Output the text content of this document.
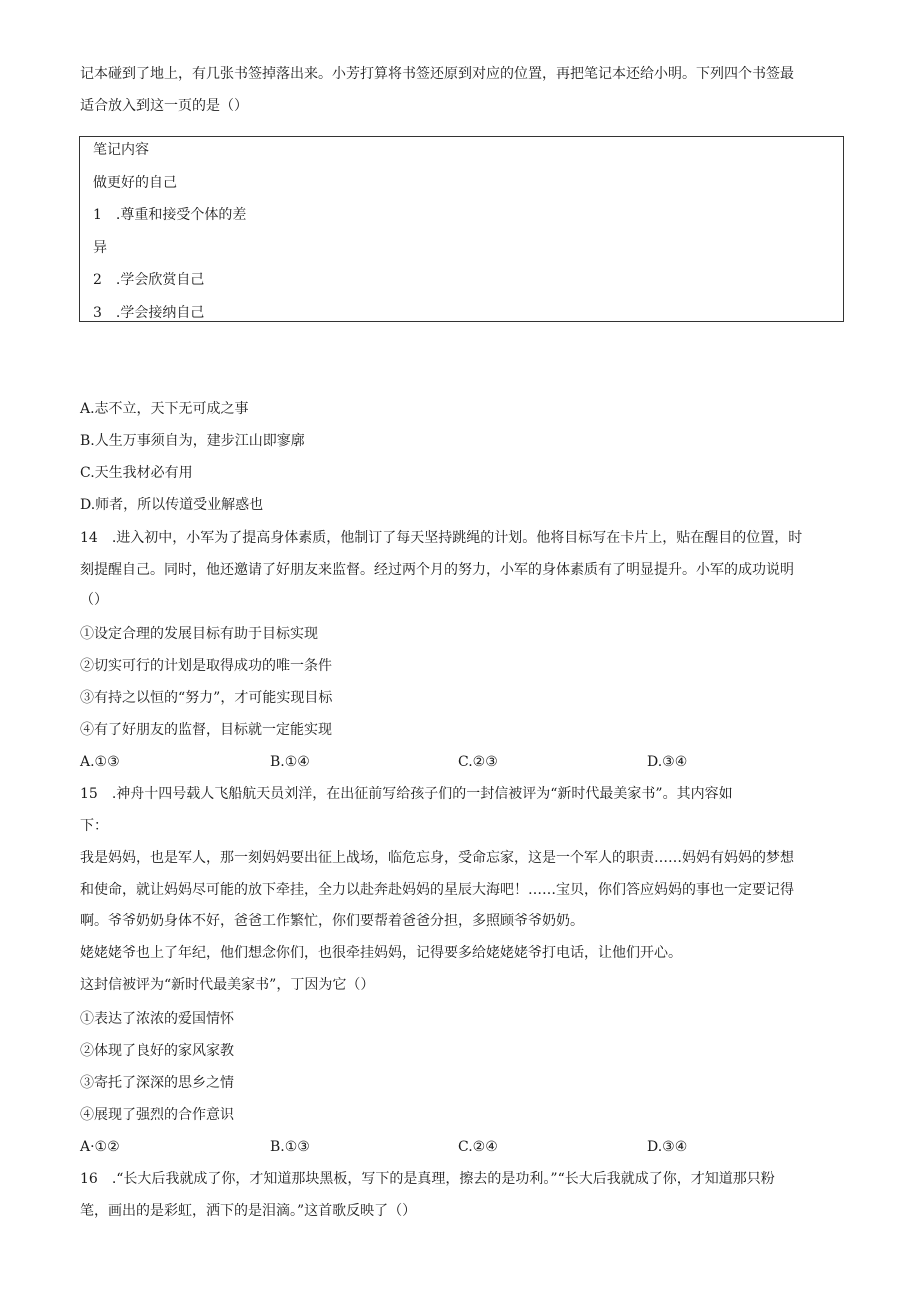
记本碰到了地上，有几张书签掉落出来。小芳打算将书签还原到对应的位置，再把笔记本还给小明。下列四个书签最
适合放入到这一页的是（）
笔记内容
做更好的自己
1　.尊重和接受个体的差
异
2　.学会欣赏自己
3　.学会接纳自己
A.志不立，天下无可成之事
B.人生万事须自为，建步江山即寥廓
C.天生我材必有用
D.师者，所以传道受业解惑也
14　.进入初中，小军为了提高身体素质，他制订了每天坚持跳绳的计划。他将目标写在卡片上，贴在醒目的位置，时
刻提醒自己。同时，他还邀请了好朋友来监督。经过两个月的努力，小军的身体素质有了明显提升。小军的成功说明
（）
①设定合理的发展目标有助于目标实现
②切实可行的计划是取得成功的唯一条件
③有持之以恒的“努力”，才可能实现目标
④有了好朋友的监督，目标就一定能实现
A.①③	B.①④	C.②③	D.③④
15　.神舟十四号载人飞船航天员刘洋，在出征前写给孩子们的一封信被评为“新时代最美家书”。其内容如
下：
我是妈妈，也是军人，那一刻妈妈要出征上战场，临危忘身，受命忘家，这是一个军人的职责……妈妈有妈妈的梦想
和使命，就让妈妈尽可能的放下牵挂，全力以赴奔赴妈妈的星辰大海吧！……宝贝，你们答应妈妈的事也一定要记得
啊。爷爷奶奶身体不好，爸爸工作繁忙，你们要帮着爸爸分担，多照顾爷爷奶奶。
姥姥姥爷也上了年纪，他们想念你们，也很牵挂妈妈，记得要多给姥姥姥爷打电话，让他们开心。
这封信被评为“新时代最美家书”，丁因为它（）
①表达了浓浓的爱国情怀
②体现了良好的家风家教
③寄托了深深的思乡之情
④展现了强烈的合作意识
A·①②	B.①③	C.②④	D.③④
16　.“长大后我就成了你，才知道那块黑板，写下的是真理，擦去的是功利。”“长大后我就成了你，才知道那只粉
笔，画出的是彩虹，洒下的是泪滴。”这首歌反映了（）
